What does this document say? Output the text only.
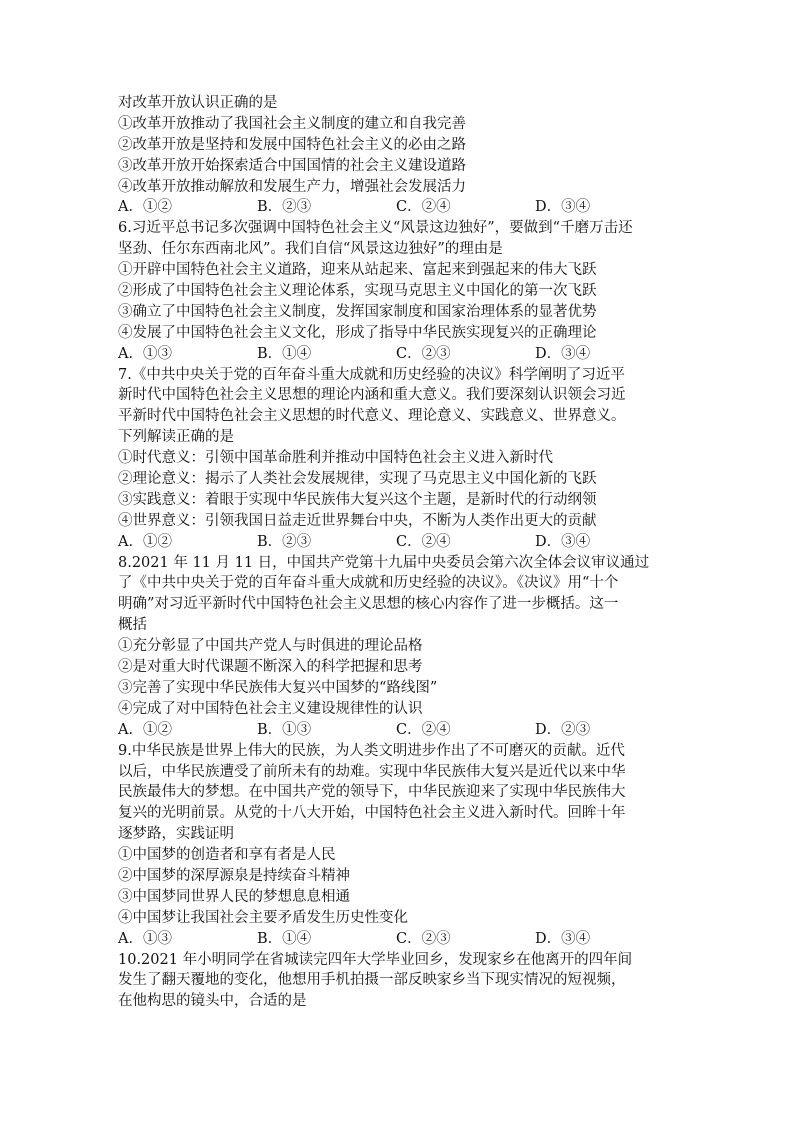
对改革开放认识正确的是
①改革开放推动了我国社会主义制度的建立和自我完善
②改革开放是坚持和发展中国特色社会主义的必由之路
③改革开放开始探索适合中国国情的社会主义建设道路
④改革开放推动解放和发展生产力，增强社会发展活力
A．①②	B．②③	C．②④	D．③④
6.习近平总书记多次强调中国特色社会主义“风景这边独好”，要做到“千磨万击还
坚劲、任尔东西南北风”。我们自信“风景这边独好”的理由是
①开辟中国特色社会主义道路，迎来从站起来、富起来到强起来的伟大飞跃
②形成了中国特色社会主义理论体系，实现马克思主义中国化的第一次飞跃
③确立了中国特色社会主义制度，发挥国家制度和国家治理体系的显著优势
④发展了中国特色社会主义文化，形成了指导中华民族实现复兴的正确理论
A．①③	B．①④	C．②③	D．③④
7.《中共中央关于党的百年奋斗重大成就和历史经验的决议》科学阐明了习近平
新时代中国特色社会主义思想的理论内涵和重大意义。我们要深刻认识领会习近
平新时代中国特色社会主义思想的时代意义、理论意义、实践意义、世界意义。
下列解读正确的是
①时代意义：引领中国革命胜利并推动中国特色社会主义进入新时代
②理论意义：揭示了人类社会发展规律，实现了马克思主义中国化新的飞跃
③实践意义：着眼于实现中华民族伟大复兴这个主题，是新时代的行动纲领
④世界意义：引领我国日益走近世界舞台中央，不断为人类作出更大的贡献
A．①②	B．②③	C．②④	D．③④
8.2021 年 11 月 11 日，中国共产党第十九届中央委员会第六次全体会议审议通过
了《中共中央关于党的百年奋斗重大成就和历史经验的决议》。《决议》用“十个
明确”对习近平新时代中国特色社会主义思想的核心内容作了进一步概括。这一
概括
①充分彰显了中国共产党人与时俱进的理论品格
②是对重大时代课题不断深入的科学把握和思考
③完善了实现中华民族伟大复兴中国梦的“路线图”
④完成了对中国特色社会主义建设规律性的认识
A．①②	B．①③	C．②④	D．②③
9.中华民族是世界上伟大的民族，为人类文明进步作出了不可磨灭的贡献。近代
以后，中华民族遭受了前所未有的劫难。实现中华民族伟大复兴是近代以来中华
民族最伟大的梦想。在中国共产党的领导下，中华民族迎来了实现中华民族伟大
复兴的光明前景。从党的十八大开始，中国特色社会主义进入新时代。回眸十年
逐梦路，实践证明
①中国梦的创造者和享有者是人民
②中国梦的深厚源泉是持续奋斗精神
③中国梦同世界人民的梦想息息相通
④中国梦让我国社会主要矛盾发生历史性变化
A．①③	B．①④	C．②③	D．③④
10.2021 年小明同学在省城读完四年大学毕业回乡，发现家乡在他离开的四年间
发生了翻天覆地的变化，他想用手机拍摄一部反映家乡当下现实情况的短视频，
在他构思的镜头中，合适的是
